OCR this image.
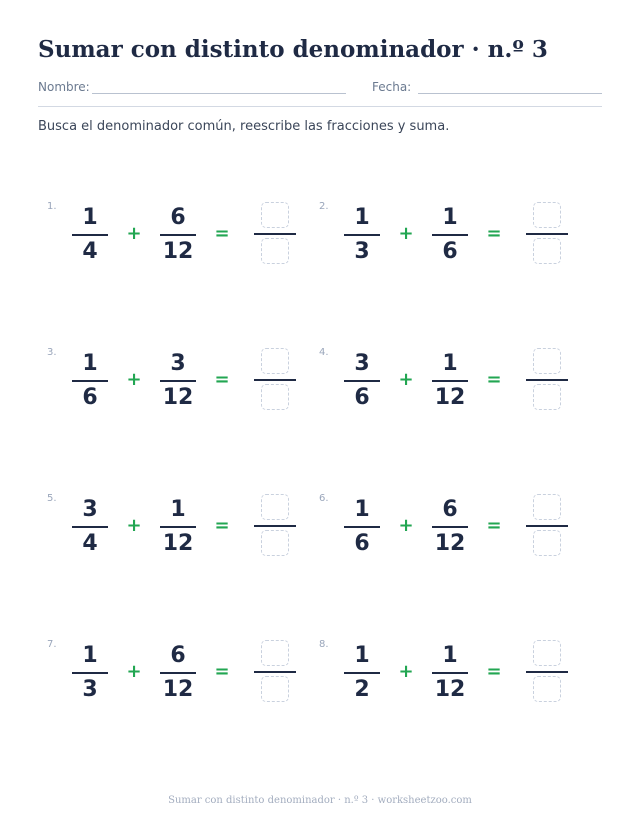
Sumar con distinto denominador · n.º 3
Nombre:	Fecha:
Busca el denominador común, reescribe las fracciones y suma.
1.	1
4
+
6
12
=
2.	1
3
+
1
6
=
3.	1
6
+
3
12
=
4.	3
6
+
1
12
=
5.	3
4
+
1
12
=
6.	1
6
+
6
12
=
7.	1
3
+
6
12
=
8.	1
2
+
1
12
=
Sumar con distinto denominador · n.º 3 · worksheetzoo.com
